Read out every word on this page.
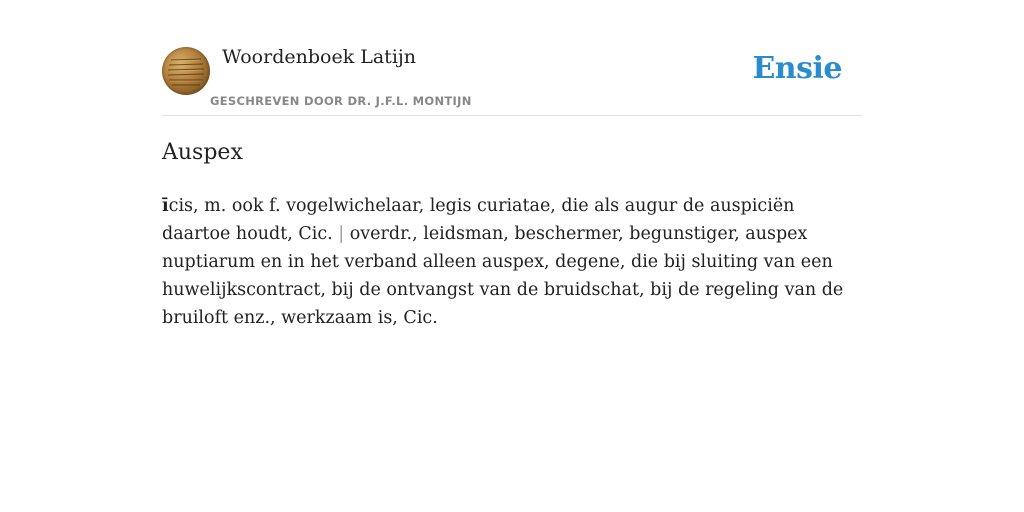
Woordenboek Latijn
GESCHREVEN DOOR DR. J.F.L. MONTIJN
Ensie
Auspex

īcis, m. ook f. vogelwichelaar, legis curiatae, die als augur de auspiciën daartoe houdt, Cic. | overdr., leidsman, beschermer, begunstiger, auspex nuptiarum en in het verband alleen auspex, degene, die bij sluiting van een huwelijkscontract, bij de ontvangst van de bruidschat, bij de regeling van de bruiloft enz., werkzaam is, Cic.
